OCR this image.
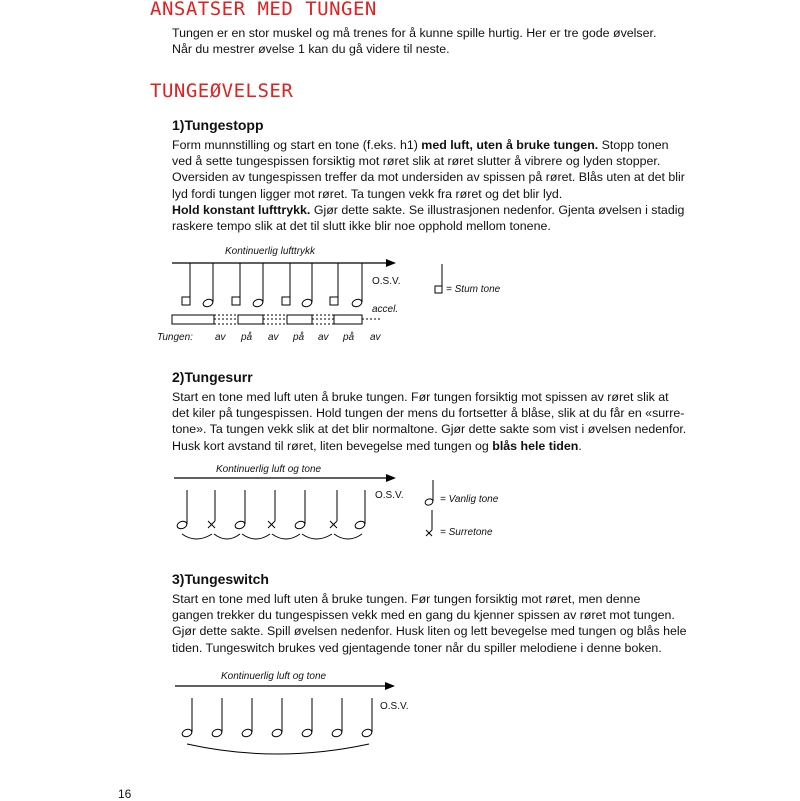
ANSATSER MED TUNGEN

Tungen er en stor muskel og må trenes for å kunne spille hurtig. Her er tre gode øvelser.

Når du mestrer øvelse 1 kan du gå videre til neste.

TUNGEØVELSER
1)Tungestopp

Form munnstilling og start en tone (f.eks. h1) med luft, uten å bruke tungen. Stopp tonen

ved å sette tungespissen forsiktig mot røret slik at røret slutter å vibrere og lyden stopper.

Oversiden av tungespissen treffer da mot undersiden av spissen på røret. Blås uten at det blir

lyd fordi tungen ligger mot røret. Ta tungen vekk fra røret og det blir lyd.

Hold konstant lufttrykk. Gjør dette sakte. Se illustrasjonen nedenfor. Gjenta øvelsen i stadig

raskere tempo slik at det til slutt ikke blir noe opphold mellom tonene.

Kontinuerlig lufttrykk
O.S.V.
accel.
Tungen: av på av på av på av
= Stum tone
2)Tungesurr

Start en tone med luft uten å bruke tungen. Før tungen forsiktig mot spissen av røret slik at

det kiler på tungespissen. Hold tungen der mens du fortsetter å blåse, slik at du får en «surre-

tone». Ta tungen vekk slik at det blir normaltone. Gjør dette sakte som vist i øvelsen nedenfor.

Husk kort avstand til røret, liten bevegelse med tungen og blås hele tiden.

Kontinuerlig luft og tone
O.S.V.	= Vanlig tone
= Surretone
3)Tungeswitch

Start en tone med luft uten å bruke tungen. Før tungen forsiktig mot røret, men denne

gangen trekker du tungespissen vekk med en gang du kjenner spissen av røret mot tungen.

Gjør dette sakte. Spill øvelsen nedenfor. Husk liten og lett bevegelse med tungen og blås hele

tiden. Tungeswitch brukes ved gjentagende toner når du spiller melodiene i denne boken.

Kontinuerlig luft og tone
O.S.V.
16
